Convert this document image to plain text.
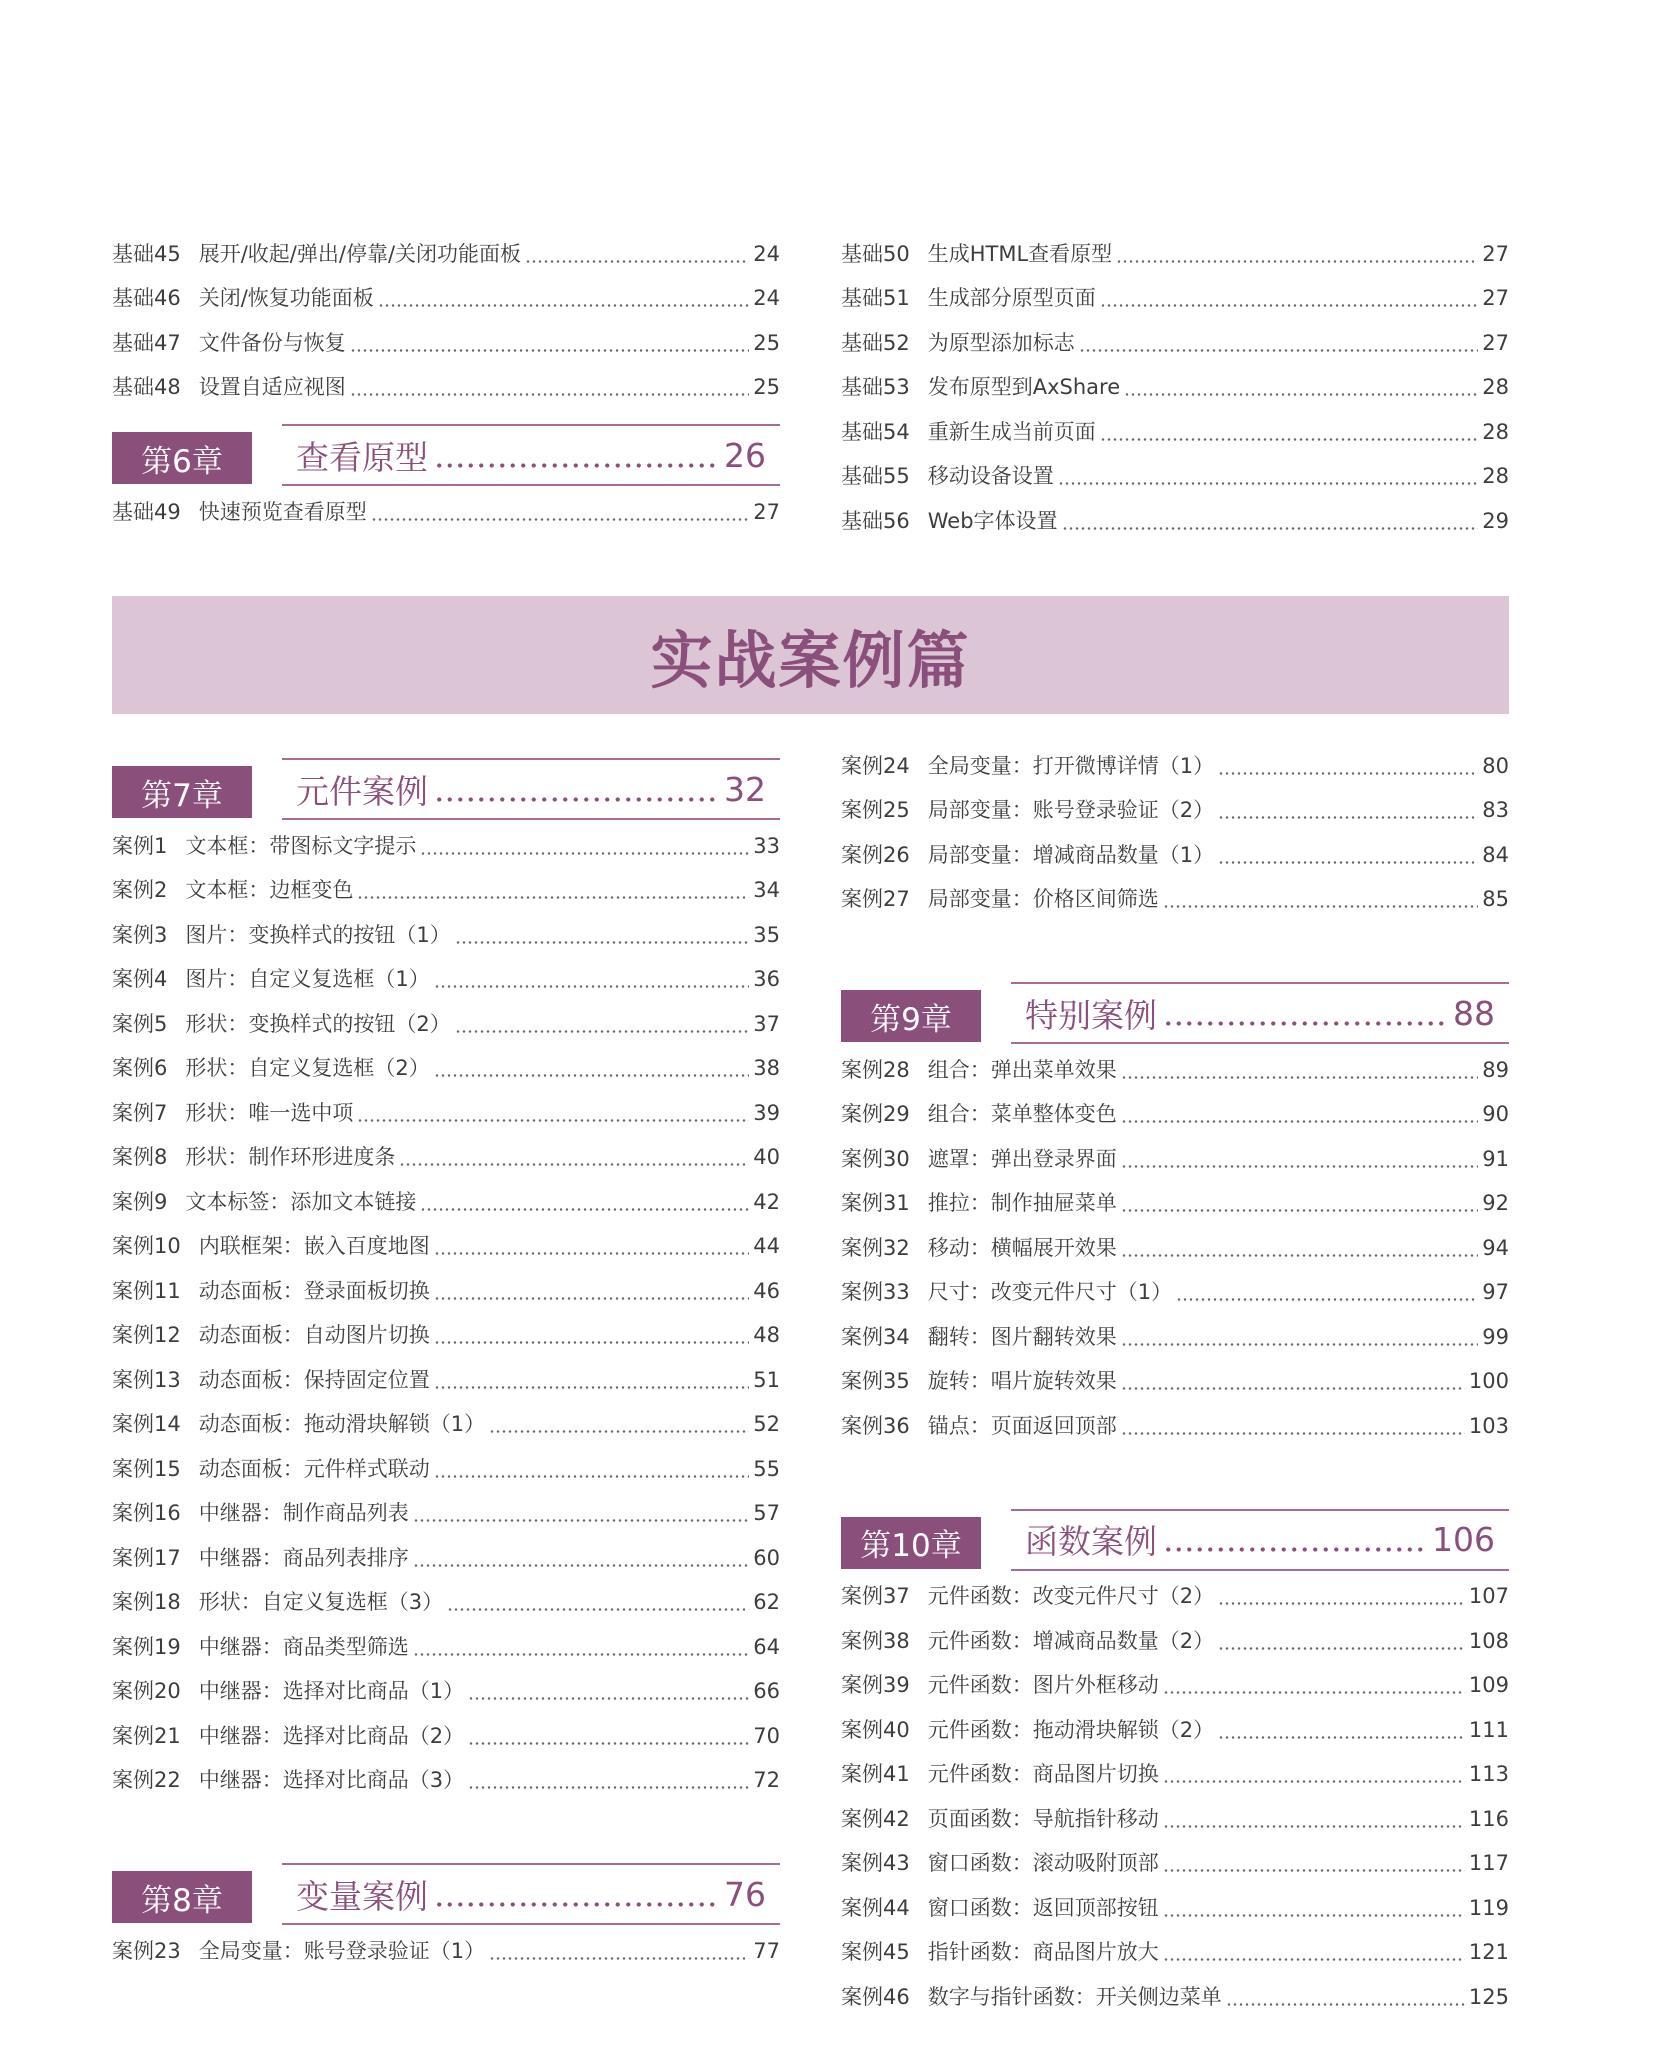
基础45 展开/收起/弹出/停靠/关闭功能面板	24
基础46 关闭/恢复功能面板	24
基础47 文件备份与恢复	25
基础48 设置自适应视图	25
第6章	查看原型	26
基础49 快速预览查看原型	27
基础50 生成HTML查看原型	27
基础51 生成部分原型页面	27
基础52 为原型添加标志	27
基础53 发布原型到AxShare	28
基础54 重新生成当前页面	28
基础55 移动设备设置	28
基础56 Web字体设置	29
实战案例篇
第7章	元件案例	32
案例1 文本框：带图标文字提示	33
案例2 文本框：边框变色	34
案例3 图片：变换样式的按钮（1）	35
案例4 图片：自定义复选框（1）	36
案例5 形状：变换样式的按钮（2）	37
案例6 形状：自定义复选框（2）	38
案例7 形状：唯一选中项	39
案例8 形状：制作环形进度条	40
案例9 文本标签：添加文本链接	42
案例10 内联框架：嵌入百度地图	44
案例11 动态面板：登录面板切换	46
案例12 动态面板：自动图片切换	48
案例13 动态面板：保持固定位置	51
案例14 动态面板：拖动滑块解锁（1）	52
案例15 动态面板：元件样式联动	55
案例16 中继器：制作商品列表	57
案例17 中继器：商品列表排序	60
案例18 形状：自定义复选框（3）	62
案例19 中继器：商品类型筛选	64
案例20 中继器：选择对比商品（1）	66
案例21 中继器：选择对比商品（2）	70
案例22 中继器：选择对比商品（3）	72
第8章	变量案例	76
案例23 全局变量：账号登录验证（1）	77
案例24 全局变量：打开微博详情（1）	80
案例25 局部变量：账号登录验证（2）	83
案例26 局部变量：增减商品数量（1）	84
案例27 局部变量：价格区间筛选	85
第9章	特别案例	88
案例28 组合：弹出菜单效果	89
案例29 组合：菜单整体变色	90
案例30 遮罩：弹出登录界面	91
案例31 推拉：制作抽屉菜单	92
案例32 移动：横幅展开效果	94
案例33 尺寸：改变元件尺寸（1）	97
案例34 翻转：图片翻转效果	99
案例35 旋转：唱片旋转效果	100
案例36 锚点：页面返回顶部	103
第10章	函数案例	106
案例37 元件函数：改变元件尺寸（2）	107
案例38 元件函数：增减商品数量（2）	108
案例39 元件函数：图片外框移动	109
案例40 元件函数：拖动滑块解锁（2）	111
案例41 元件函数：商品图片切换	113
案例42 页面函数：导航指针移动	116
案例43 窗口函数：滚动吸附顶部	117
案例44 窗口函数：返回顶部按钮	119
案例45 指针函数：商品图片放大	121
案例46 数字与指针函数：开关侧边菜单	125
